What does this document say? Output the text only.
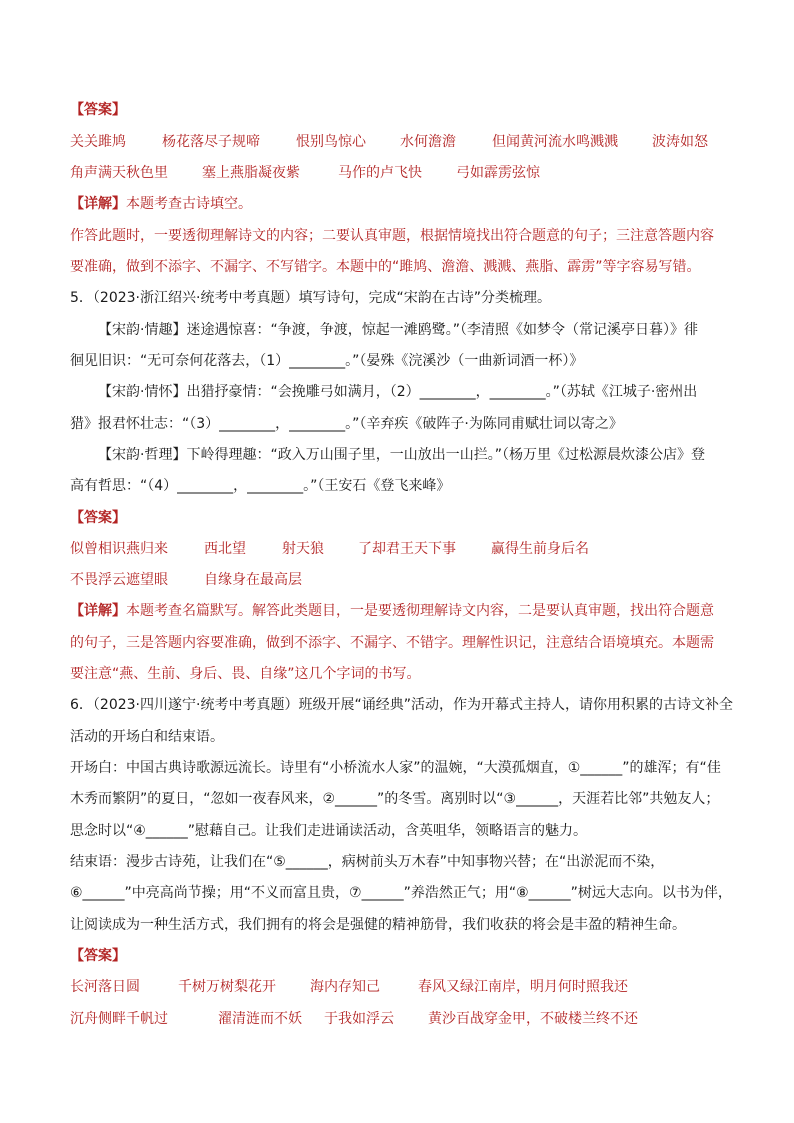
【答案】
关关雎鸠	杨花落尽子规啼	恨别鸟惊心 水何澹澹	但闻黄河流水鸣溅溅 波涛如怒
角声满天秋色里 塞上燕脂凝夜紫	马作的卢飞快 弓如霹雳弦惊
【详解】本题考查古诗填空。
作答此题时，一要透彻理解诗文的内容；二要认真审题，根据情境找出符合题意的句子；三注意答题内容
要准确，做到不添字、不漏字、不写错字。本题中的“雎鸠、澹澹、溅溅、燕脂、霹雳”等字容易写错。
5．（2023·浙江绍兴·统考中考真题）填写诗句，完成“宋韵在古诗”分类梳理。
【宋韵·情趣】迷途遇惊喜：“争渡，争渡，惊起一滩鸥鹭。”（李清照《如梦令（常记溪亭日暮）》徘
徊见旧识：“无可奈何花落去，（1）________。”（晏殊《浣溪沙（一曲新词酒一杯）》
【宋韵·情怀】出猎抒豪情：“会挽雕弓如满月，（2）________，________。”（苏轼《江城子·密州出
猎》报君怀壮志：“（3）________，________。”（辛弃疾《破阵子·为陈同甫赋壮词以寄之》
【宋韵·哲理】下岭得理趣：“政入万山围子里，一山放出一山拦。”（杨万里《过松源晨炊漆公店》登
高有哲思：“（4）________，________。”（王安石《登飞来峰》
【答案】
似曾相识燕归来	西北望	射天狼 了却君王天下事	赢得生前身后名
不畏浮云遮望眼	自缘身在最高层
【详解】本题考查名篇默写。解答此类题目，一是要透彻理解诗文内容，二是要认真审题，找出符合题意
的句子，三是答题内容要准确，做到不添字、不漏字、不错字。理解性识记，注意结合语境填充。本题需
要注意“燕、生前、身后、畏、自缘”这几个字词的书写。
6．（2023·四川遂宁·统考中考真题）班级开展“诵经典”活动，作为开幕式主持人，请你用积累的古诗文补全
活动的开场白和结束语。
开场白：中国古典诗歌源远流长。诗里有“小桥流水人家”的温婉，“大漠孤烟直，①______”的雄浑；有“佳
木秀而繁阴”的夏日，“忽如一夜春风来，②______”的冬雪。离别时以“③______，天涯若比邻”共勉友人；
思念时以“④______”慰藉自己。让我们走进诵读活动，含英咀华，领略语言的魅力。
结束语：漫步古诗苑，让我们在“⑤______，病树前头万木春”中知事物兴替；在“出淤泥而不染，
⑥______”中亮高尚节操；用“不义而富且贵，⑦______”养浩然正气；用“⑧______”树远大志向。以书为伴，
让阅读成为一种生活方式，我们拥有的将会是强健的精神筋骨，我们收获的将会是丰盈的精神生命。
【答案】
长河落日圆	千树万树梨花开 海内存知己	春风又绿江南岸，明月何时照我还
沉舟侧畔千帆过	濯清涟而不妖 于我如浮云 黄沙百战穿金甲，不破楼兰终不还
